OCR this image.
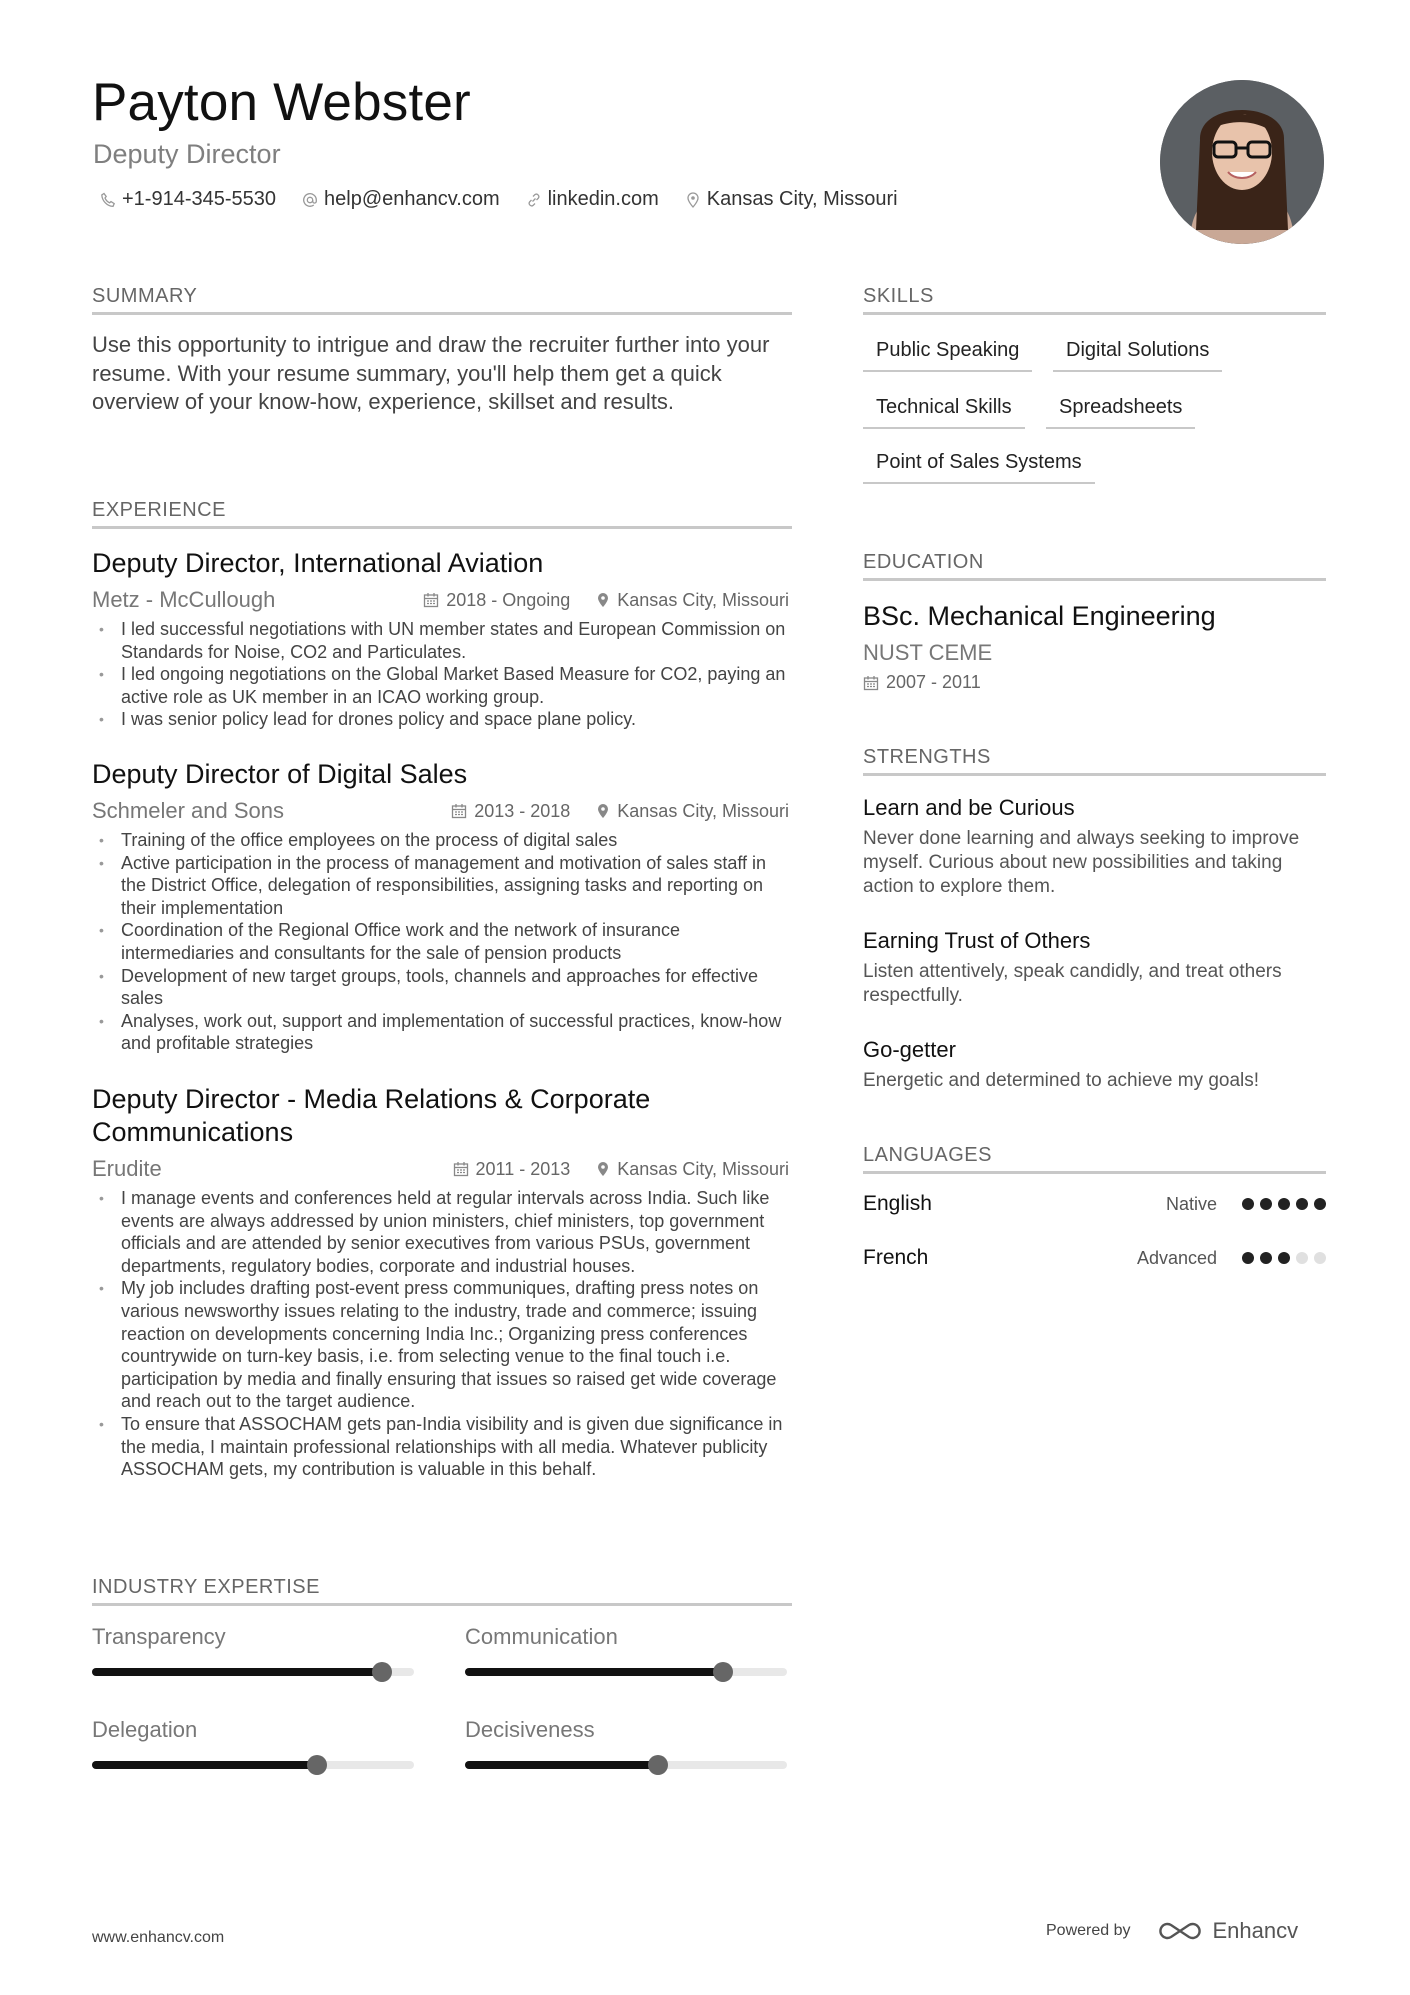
Payton Webster
Deputy Director
+1-914-345-5530 help@enhancv.com linkedin.com Kansas City, Missouri
SUMMARY
Use this opportunity to intrigue and draw the recruiter further into your resume. With your resume summary, you'll help them get a quick overview of your know-how, experience, skillset and results.
EXPERIENCE
Deputy Director, International Aviation
Metz - McCullough	2018 - Ongoing	Kansas City, Missouri
• I led successful negotiations with UN member states and European Commission on Standards for Noise, CO2 and Particulates.
• I led ongoing negotiations on the Global Market Based Measure for CO2, paying an active role as UK member in an ICAO working group.
• I was senior policy lead for drones policy and space plane policy.
Deputy Director of Digital Sales
Schmeler and Sons	2013 - 2018	Kansas City, Missouri
• Training of the office employees on the process of digital sales
• Active participation in the process of management and motivation of sales staff in the District Office, delegation of responsibilities, assigning tasks and reporting on their implementation
• Coordination of the Regional Office work and the network of insurance intermediaries and consultants for the sale of pension products
• Development of new target groups, tools, channels and approaches for effective sales
• Analyses, work out, support and implementation of successful practices, know-how and profitable strategies
Deputy Director - Media Relations & Corporate Communications
Erudite	2011 - 2013	Kansas City, Missouri
• I manage events and conferences held at regular intervals across India. Such like events are always addressed by union ministers, chief ministers, top government officials and are attended by senior executives from various PSUs, government departments, regulatory bodies, corporate and industrial houses.
• My job includes drafting post-event press communiques, drafting press notes on various newsworthy issues relating to the industry, trade and commerce; issuing reaction on developments concerning India Inc.; Organizing press conferences countrywide on turn-key basis, i.e. from selecting venue to the final touch i.e. participation by media and finally ensuring that issues so raised get wide coverage and reach out to the target audience.
• To ensure that ASSOCHAM gets pan-India visibility and is given due significance in the media, I maintain professional relationships with all media. Whatever publicity ASSOCHAM gets, my contribution is valuable in this behalf.
INDUSTRY EXPERTISE
Transparency	Communication
Delegation	Decisiveness
SKILLS
Public Speaking	Digital Solutions
Technical Skills	Spreadsheets
Point of Sales Systems
EDUCATION
BSc. Mechanical Engineering
NUST CEME
2007 - 2011
STRENGTHS
Learn and be Curious
Never done learning and always seeking to improve myself. Curious about new possibilities and taking action to explore them.
Earning Trust of Others
Listen attentively, speak candidly, and treat others respectfully.
Go-getter
Energetic and determined to achieve my goals!
LANGUAGES
English	Native
French	Advanced
www.enhancv.com	Powered by	Enhancv
